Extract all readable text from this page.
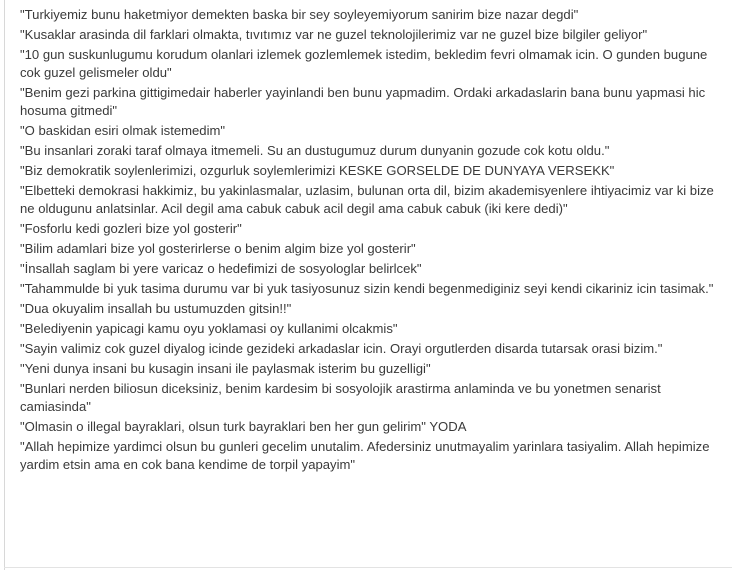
"Turkiyemiz bunu haketmiyor demekten baska bir sey soyleyemiyorum sanirim bize nazar degdi"
"Kusaklar arasinda dil farklari olmakta, tıvıtımız var ne guzel teknolojilerimiz var ne guzel bize bilgiler geliyor"
"10 gun suskunlugumu korudum olanlari izlemek gozlemlemek istedim, bekledim fevri olmamak icin. O gunden bugune cok guzel gelismeler oldu"
"Benim gezi parkina gittigimedair haberler yayinlandi ben bunu yapmadim. Ordaki arkadaslarin bana bunu yapmasi hic hosuma gitmedi"
"O baskidan esiri olmak istemedim"
"Bu insanlari zoraki taraf olmaya itmemeli. Su an dustugumuz durum dunyanin gozude cok kotu oldu."
"Biz demokratik soylenlerimizi, ozgurluk soylemlerimizi KESKE GORSELDE DE DUNYAYA VERSEKK"
"Elbetteki demokrasi hakkimiz, bu yakinlasmalar, uzlasim, bulunan orta dil, bizim akademisyenlere ihtiyacimiz var ki bize ne oldugunu anlatsinlar. Acil degil ama cabuk cabuk acil degil ama cabuk cabuk (iki kere dedi)"
"Fosforlu kedi gozleri bize yol gosterir"
"Bilim adamlari bize yol gosterirlerse o benim algim bize yol gosterir"
"İnsallah saglam bi yere varicaz o hedefimizi de sosyologlar belirlcek"
"Tahammulde bi yuk tasima durumu var bi yuk tasiyosunuz sizin kendi begenmediginiz seyi kendi cikariniz icin tasimak."
"Dua okuyalim insallah bu ustumuzden gitsin!!"
"Belediyenin yapicagi kamu oyu yoklamasi oy kullanimi olcakmis"
"Sayin valimiz cok guzel diyalog icinde gezideki arkadaslar icin. Orayi orgutlerden disarda tutarsak orasi bizim."
"Yeni dunya insani bu kusagin insani ile paylasmak isterim bu guzelligi"
"Bunlari nerden biliosun diceksiniz, benim kardesim bi sosyolojik arastirma anlaminda ve bu yonetmen senarist camiasinda"
"Olmasin o illegal bayraklari, olsun turk bayraklari ben her gun gelirim" YODA
"Allah hepimize yardimci olsun bu gunleri gecelim unutalim. Afedersiniz unutmayalim yarinlara tasiyalim. Allah hepimize yardim etsin ama en cok bana kendime de torpil yapayim"
